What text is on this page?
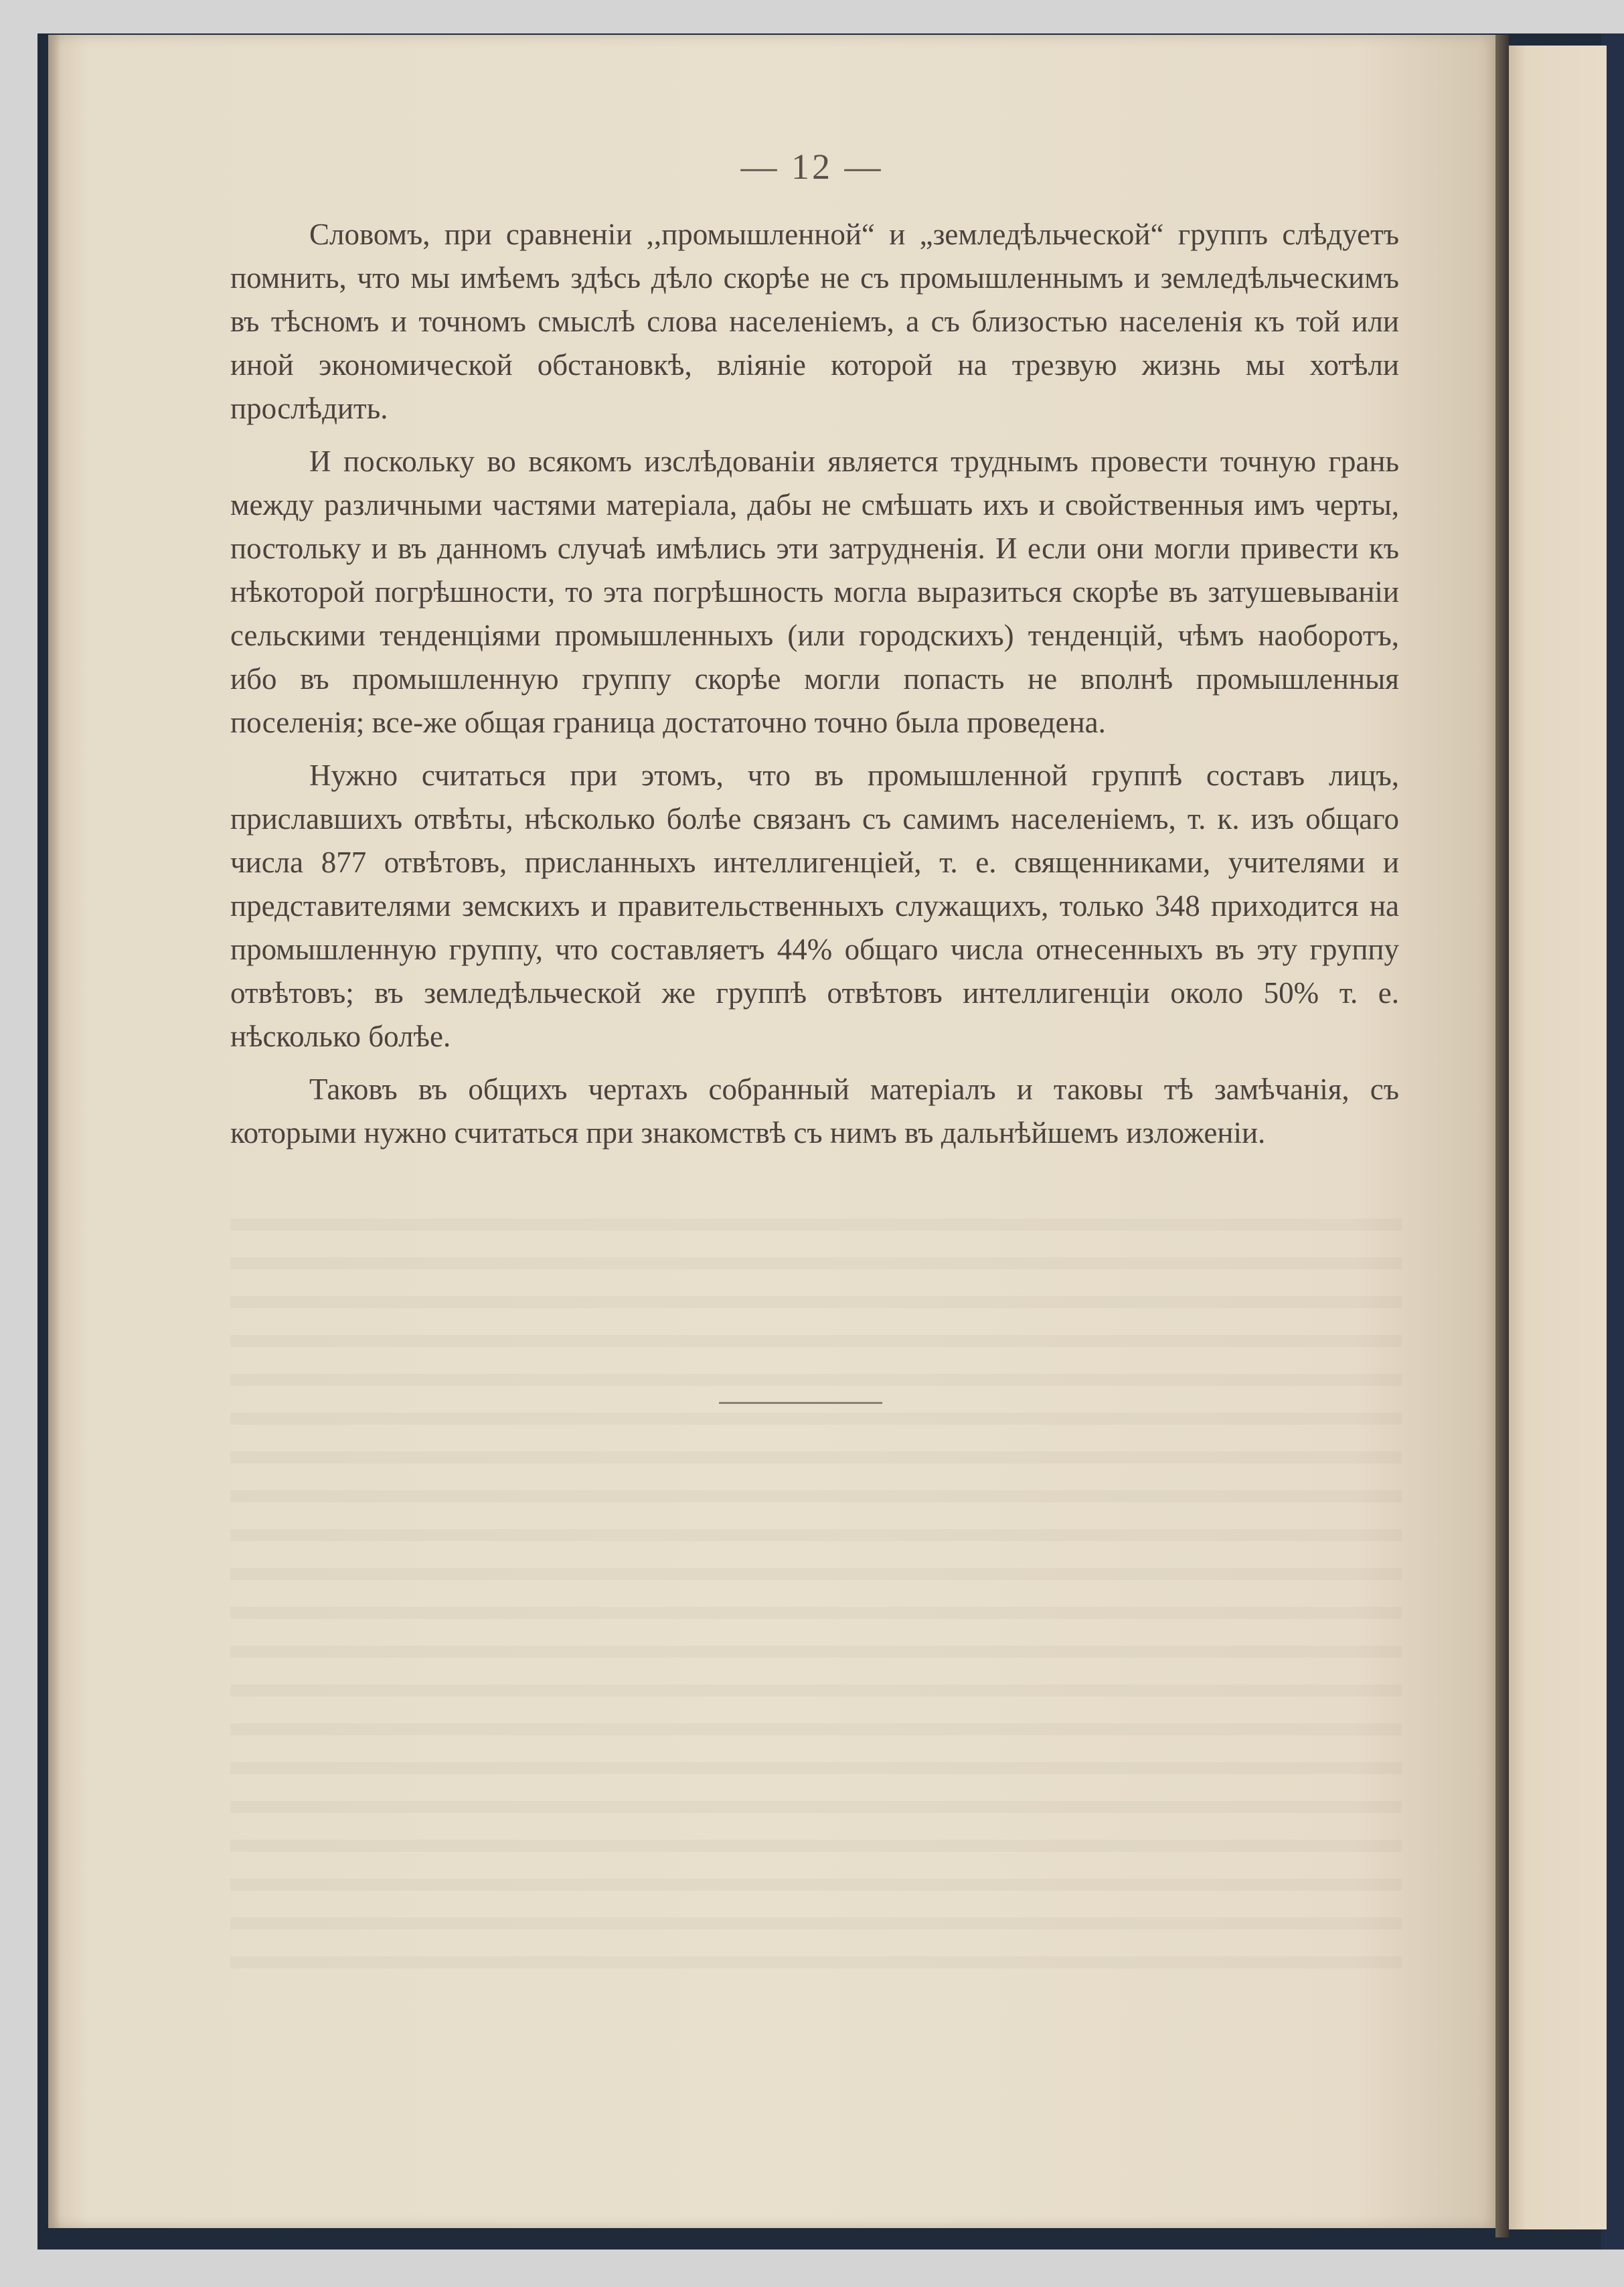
— 12 —

Словомъ, при сравненiи ,,промышленной“ и „земледѣльческой“ группъ слѣдуетъ помнить, что мы имѣемъ здѣсь дѣло скорѣе не съ промышленнымъ и земледѣльческимъ въ тѣсномъ и точномъ смыслѣ слова населенiемъ, а съ близостью населенiя къ той или иной экономической обстановкѣ, влiянiе которой на трезвую жизнь мы хотѣли прослѣдить.

И поскольку во всякомъ изслѣдованiи является труднымъ провести точную грань между различными частями матерiала, дабы не смѣшать ихъ и свойственныя имъ черты, постольку и въ данномъ случаѣ имѣлись эти затрудненiя. И если они могли привести къ нѣкоторой погрѣшности, то эта погрѣшность могла выразиться скорѣе въ затушевыванiи сельскими тенденцiями промышленныхъ (или городскихъ) тенденцiй, чѣмъ наоборотъ, ибо въ промышленную группу скорѣе могли попасть не вполнѣ промышленныя поселенiя; все-же общая граница достаточно точно была проведена.

Нужно считаться при этомъ, что въ промышленной группѣ составъ лицъ, приславшихъ отвѣты, нѣсколько болѣе связанъ съ самимъ населенiемъ, т. к. изъ общаго числа 877 отвѣтовъ, присланныхъ интеллигенцiей, т. е. священниками, учителями и представителями земскихъ и правительственныхъ служащихъ, только 348 приходится на промышленную группу, что составляетъ 44% общаго числа отнесенныхъ въ эту группу отвѣтовъ; въ земледѣльческой же группѣ отвѣтовъ интеллигенцiи около 50% т. е. нѣсколько болѣе.

Таковъ въ общихъ чертахъ собранный матерiалъ и таковы тѣ замѣчанiя, съ которыми нужно считаться при знакомствѣ съ нимъ въ дальнѣйшемъ изложенiи.
